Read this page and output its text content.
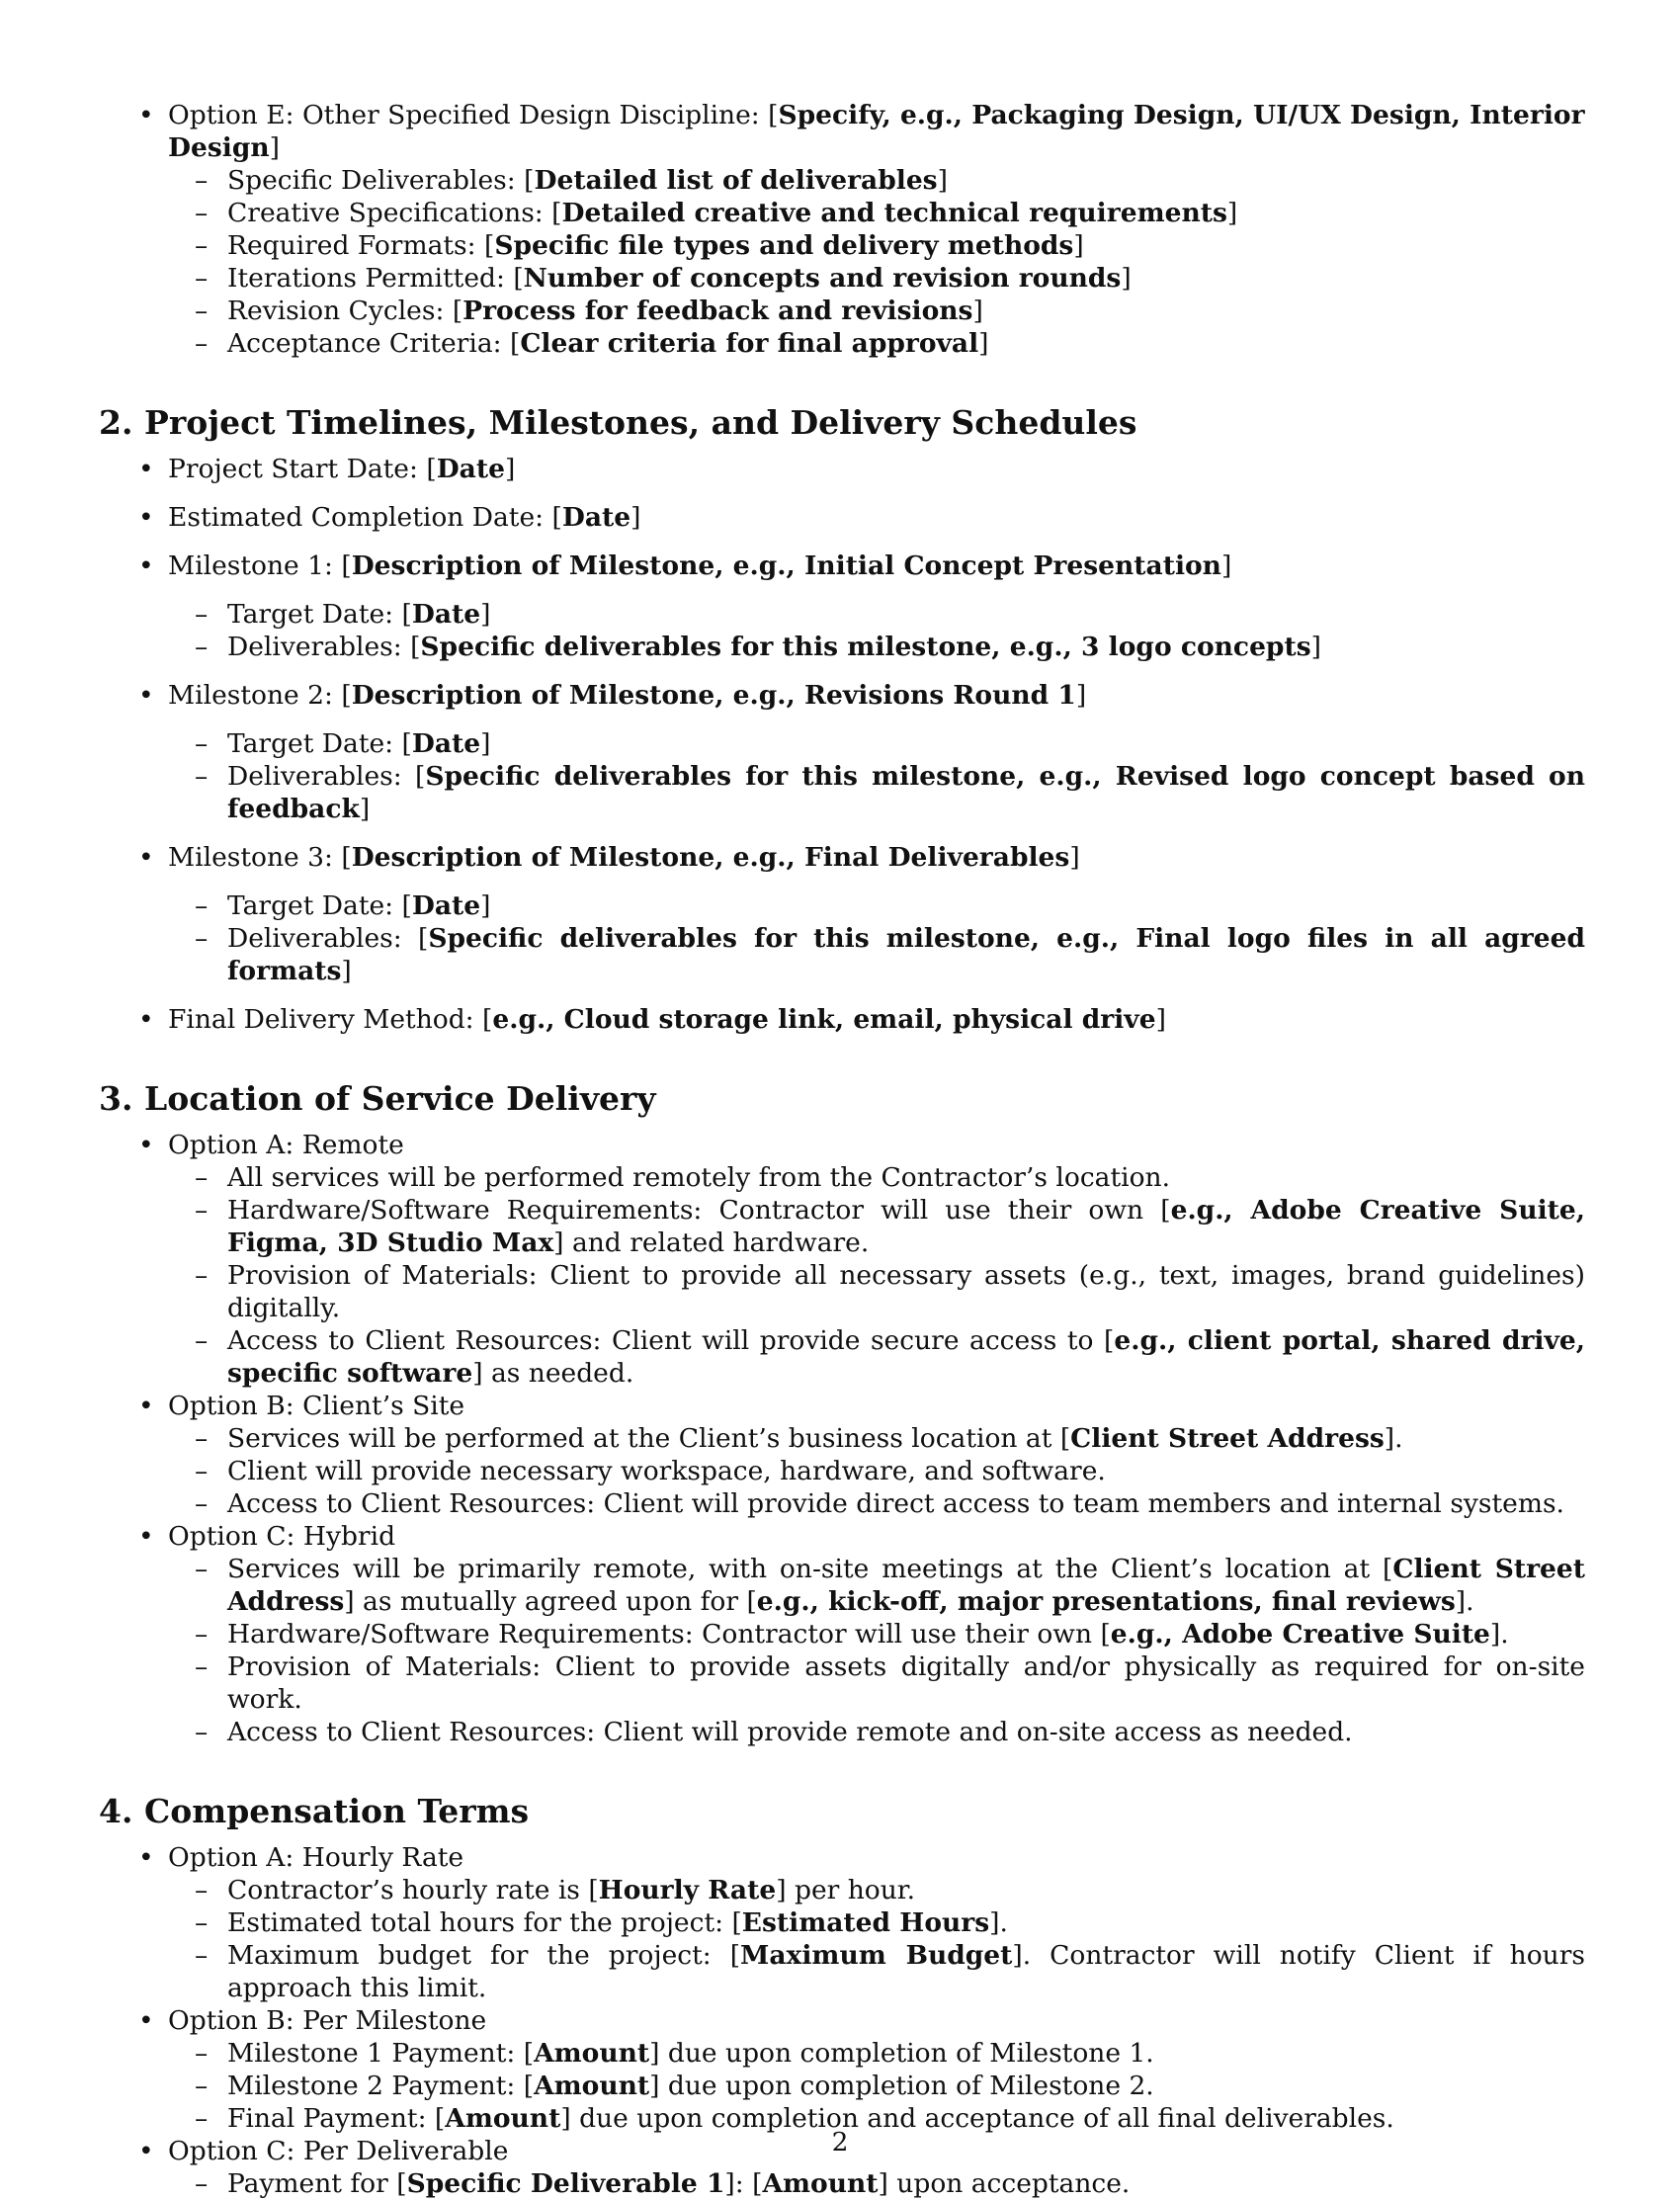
• Option E: Other Specified Design Discipline: [Specify, e.g., Packaging Design, UI/UX Design, Interior Design]
– Specific Deliverables: [Detailed list of deliverables]
– Creative Specifications: [Detailed creative and technical requirements]
– Required Formats: [Specific file types and delivery methods]
– Iterations Permitted: [Number of concepts and revision rounds]
– Revision Cycles: [Process for feedback and revisions]
– Acceptance Criteria: [Clear criteria for final approval]
2. Project Timelines, Milestones, and Delivery Schedules
• Project Start Date: [Date]
• Estimated Completion Date: [Date]
• Milestone 1: [Description of Milestone, e.g., Initial Concept Presentation]
– Target Date: [Date]
– Deliverables: [Specific deliverables for this milestone, e.g., 3 logo concepts]
• Milestone 2: [Description of Milestone, e.g., Revisions Round 1]
– Target Date: [Date]
– Deliverables: [Specific deliverables for this milestone, e.g., Revised logo concept based on feedback]
• Milestone 3: [Description of Milestone, e.g., Final Deliverables]
– Target Date: [Date]
– Deliverables: [Specific deliverables for this milestone, e.g., Final logo files in all agreed formats]
• Final Delivery Method: [e.g., Cloud storage link, email, physical drive]
3. Location of Service Delivery
• Option A: Remote
– All services will be performed remotely from the Contractor’s location.
– Hardware/Software Requirements: Contractor will use their own [e.g., Adobe Creative Suite, Figma, 3D Studio Max] and related hardware.
– Provision of Materials: Client to provide all necessary assets (e.g., text, images, brand guidelines) digitally.
– Access to Client Resources: Client will provide secure access to [e.g., client portal, shared drive, specific software] as needed.
• Option B: Client’s Site
– Services will be performed at the Client’s business location at [Client Street Address].
– Client will provide necessary workspace, hardware, and software.
– Access to Client Resources: Client will provide direct access to team members and internal systems.
• Option C: Hybrid
– Services will be primarily remote, with on-site meetings at the Client’s location at [Client Street Address] as mutually agreed upon for [e.g., kick-off, major presentations, final reviews].
– Hardware/Software Requirements: Contractor will use their own [e.g., Adobe Creative Suite].
– Provision of Materials: Client to provide assets digitally and/or physically as required for on-site work.
– Access to Client Resources: Client will provide remote and on-site access as needed.
4. Compensation Terms
• Option A: Hourly Rate
– Contractor’s hourly rate is [Hourly Rate] per hour.
– Estimated total hours for the project: [Estimated Hours].
– Maximum budget for the project: [Maximum Budget]. Contractor will notify Client if hours approach this limit.
• Option B: Per Milestone
– Milestone 1 Payment: [Amount] due upon completion of Milestone 1.
– Milestone 2 Payment: [Amount] due upon completion of Milestone 2.
– Final Payment: [Amount] due upon completion and acceptance of all final deliverables.
• Option C: Per Deliverable
– Payment for [Specific Deliverable 1]: [Amount] upon acceptance.
2
